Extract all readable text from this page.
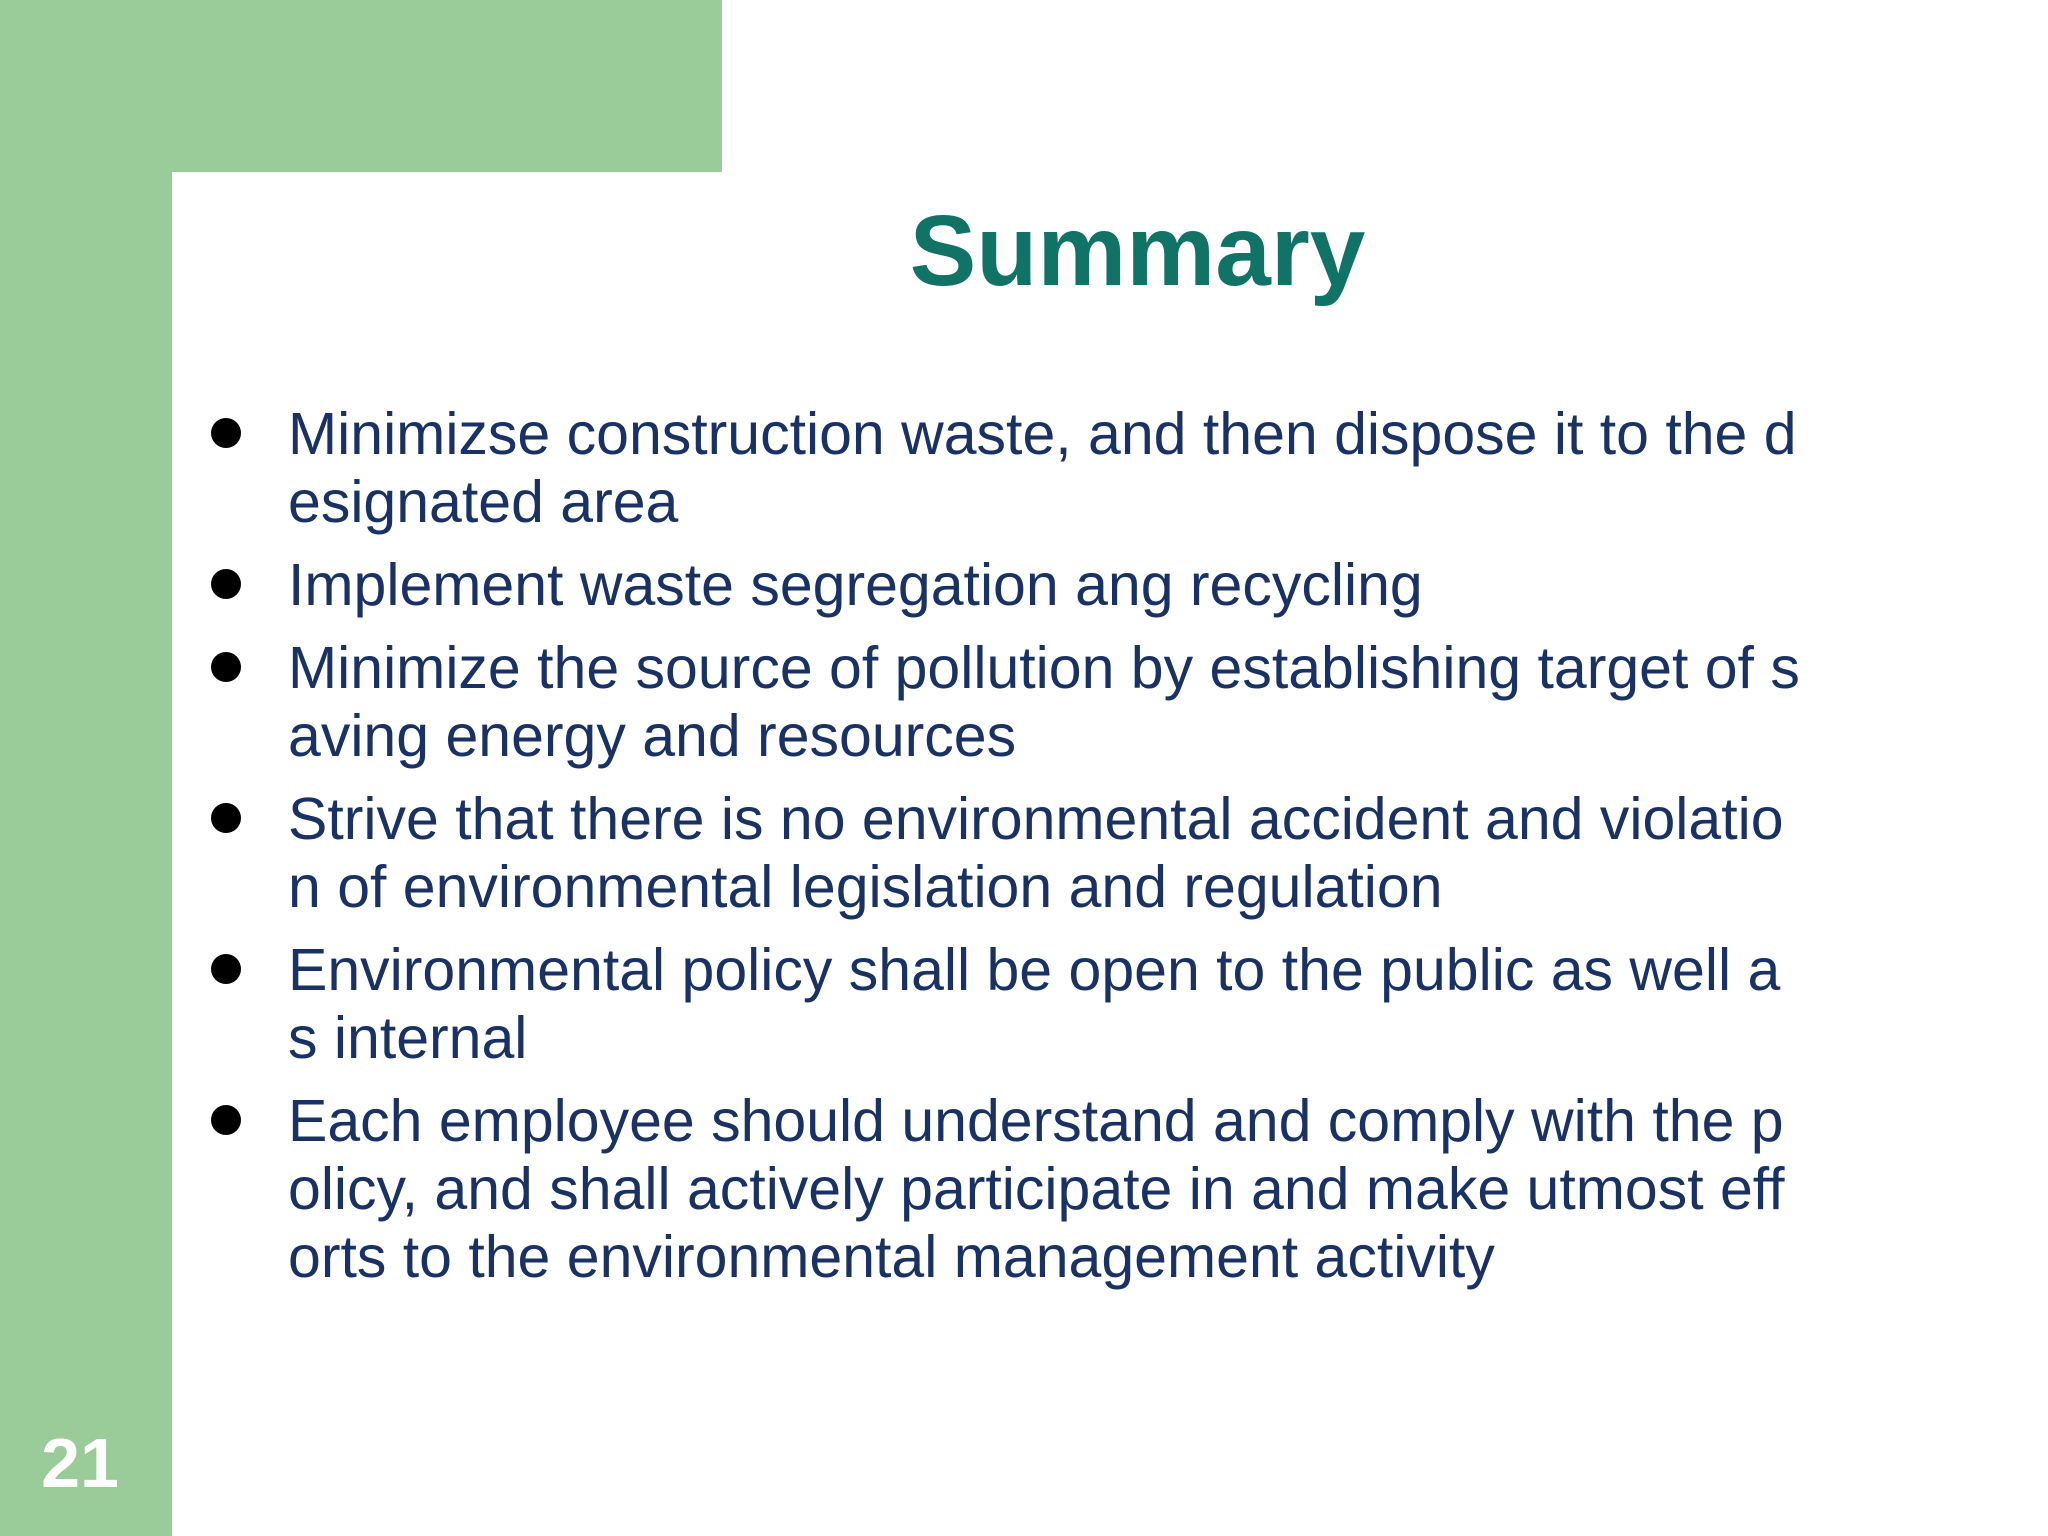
Summary
Minimizse construction waste, and then dispose it to the d
esignated area
Implement waste segregation ang recycling
Minimize the source of pollution by establishing target of s
aving energy and resources
Strive that there is no environmental accident and violatio
n of environmental legislation and regulation
Environmental policy shall be open to the public as well a
s internal
Each employee should understand and comply with the p
olicy, and shall actively participate in and make utmost eff
orts to the environmental management activity
21
